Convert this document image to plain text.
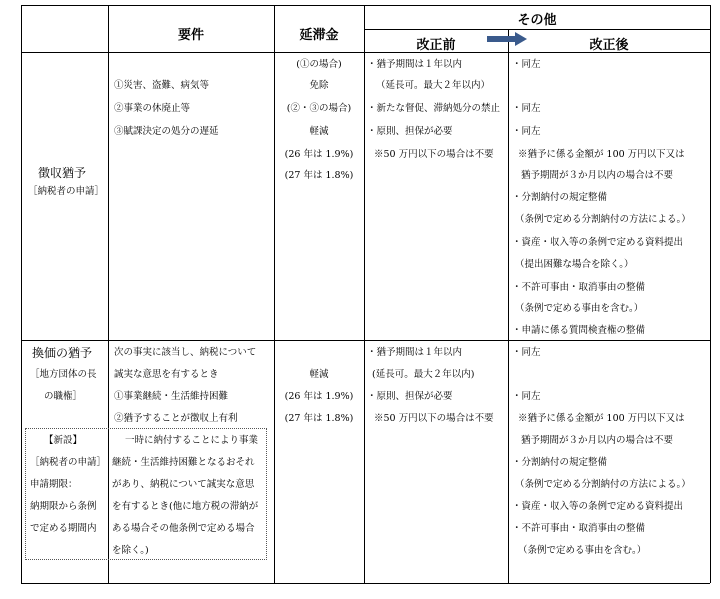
要件	延滞金
その他
改正前	改正後
徴収猶予
［納税者の申請］
①災害、盗難、病気等
②事業の休廃止等
③賦課決定の処分の遅延
(①の場合)
免除
(②・③の場合)
軽減
(26 年は 1.9%)
(27 年は 1.8%)
・猶予期間は１年以内
（延長可。最大２年以内）
・新たな督促、滞納処分の禁止
・原則、担保が必要
※50 万円以下の場合は不要
・同左
・同左
・同左
※猶予に係る金額が 100 万円以下又は
猶予期間が３か月以内の場合は不要
・分割納付の規定整備
（条例で定める分割納付の方法による。）
・資産・収入等の条例で定める資料提出
（提出困難な場合を除く。）
・不許可事由・取消事由の整備
（条例で定める事由を含む。）
・申請に係る質問検査権の整備
換価の猶予
［地方団体の長
の職権］
次の事実に該当し、納税について
誠実な意思を有するとき
①事業継続・生活維持困難
②猶予することが徴収上有利
【新設】
［納税者の申請］
申請期限：
納期限から条例
で定める期間内
一時に納付することにより事業
継続・生活維持困難となるおそれ
があり、納税について誠実な意思
を有するとき(他に地方税の滞納が
ある場合その他条例で定める場合
を除く。)
軽減
(26 年は 1.9%)
(27 年は 1.8%)
・猶予期間は１年以内
(延長可。最大２年以内)
・原則、担保が必要
※50 万円以下の場合は不要
・同左
・同左
※猶予に係る金額が 100 万円以下又は
猶予期間が３か月以内の場合は不要
・分割納付の規定整備
（条例で定める分割納付の方法による。）
・資産・収入等の条例で定める資料提出
・不許可事由・取消事由の整備
（条例で定める事由を含む。）
